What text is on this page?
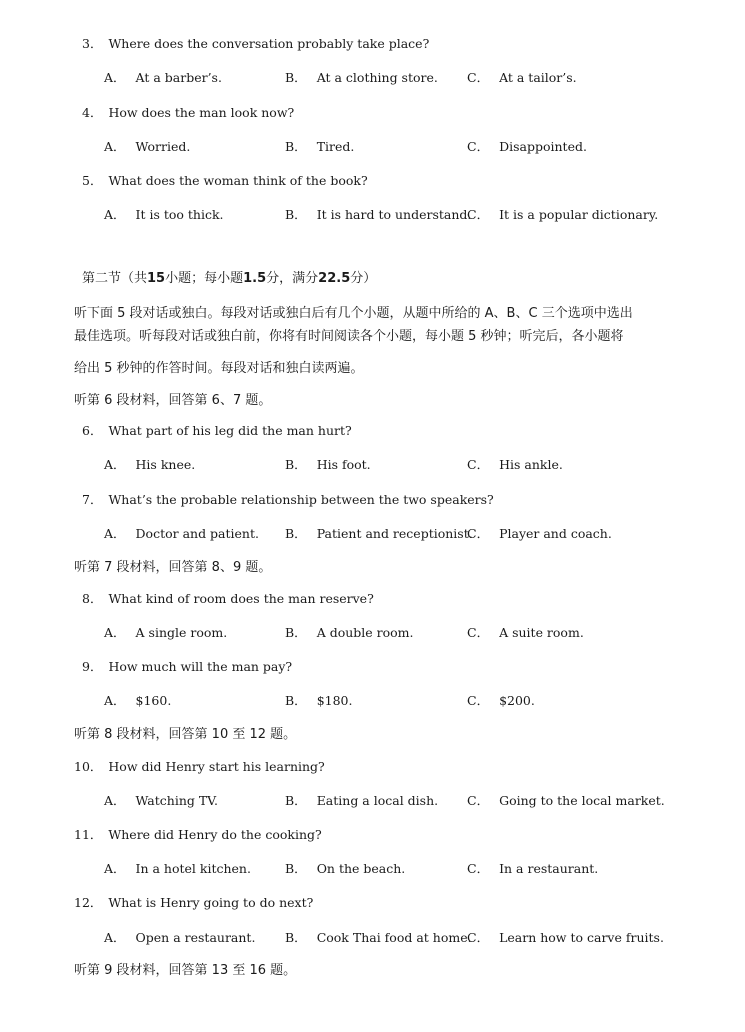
3． Where does the conversation probably take place?
A． At a barber’s.	B． At a clothing store. C． At a tailor’s.
4． How does the man look now?
A． Worried.	B． Tired.	C． Disappointed.
5． What does the woman think of the book?
A． It is too thick.	B． It is hard to understand.
C． It is a popular dictionary.
第二节（共15小题；每小题1.5分，满分22.5分）
听下面 5 段对话或独白。每段对话或独白后有几个小题，从题中所给的 A、B、C 三个选项中选出
最佳选项。听每段对话或独白前，你将有时间阅读各个小题，每小题 5 秒钟；听完后，各小题将
给出 5 秒钟的作答时间。每段对话和独白读两遍。
听第 6 段材料，回答第 6、7 题。
6． What part of his leg did the man hurt?
A． His knee.	B． His foot.	C． His ankle.
7． What’s the probable relationship between the two speakers?
A． Doctor and patient. B． Patient and receptionist.
C． Player and coach.
听第 7 段材料，回答第 8、9 题。
8． What kind of room does the man reserve?
A． A single room.	B． A double room.	C． A suite room.
9． How much will the man pay?
A． $160.	B． $180.	C． $200.
听第 8 段材料，回答第 10 至 12 题。
10． How did Henry start his learning?
A． Watching TV.	B． Eating a local dish. C． Going to the local market.
11． Where did Henry do the cooking?
A． In a hotel kitchen.	B． On the beach.	C． In a restaurant.
12． What is Henry going to do next?
A． Open a restaurant. B． Cook Thai food at home.
C． Learn how to carve fruits.
听第 9 段材料，回答第 13 至 16 题。
